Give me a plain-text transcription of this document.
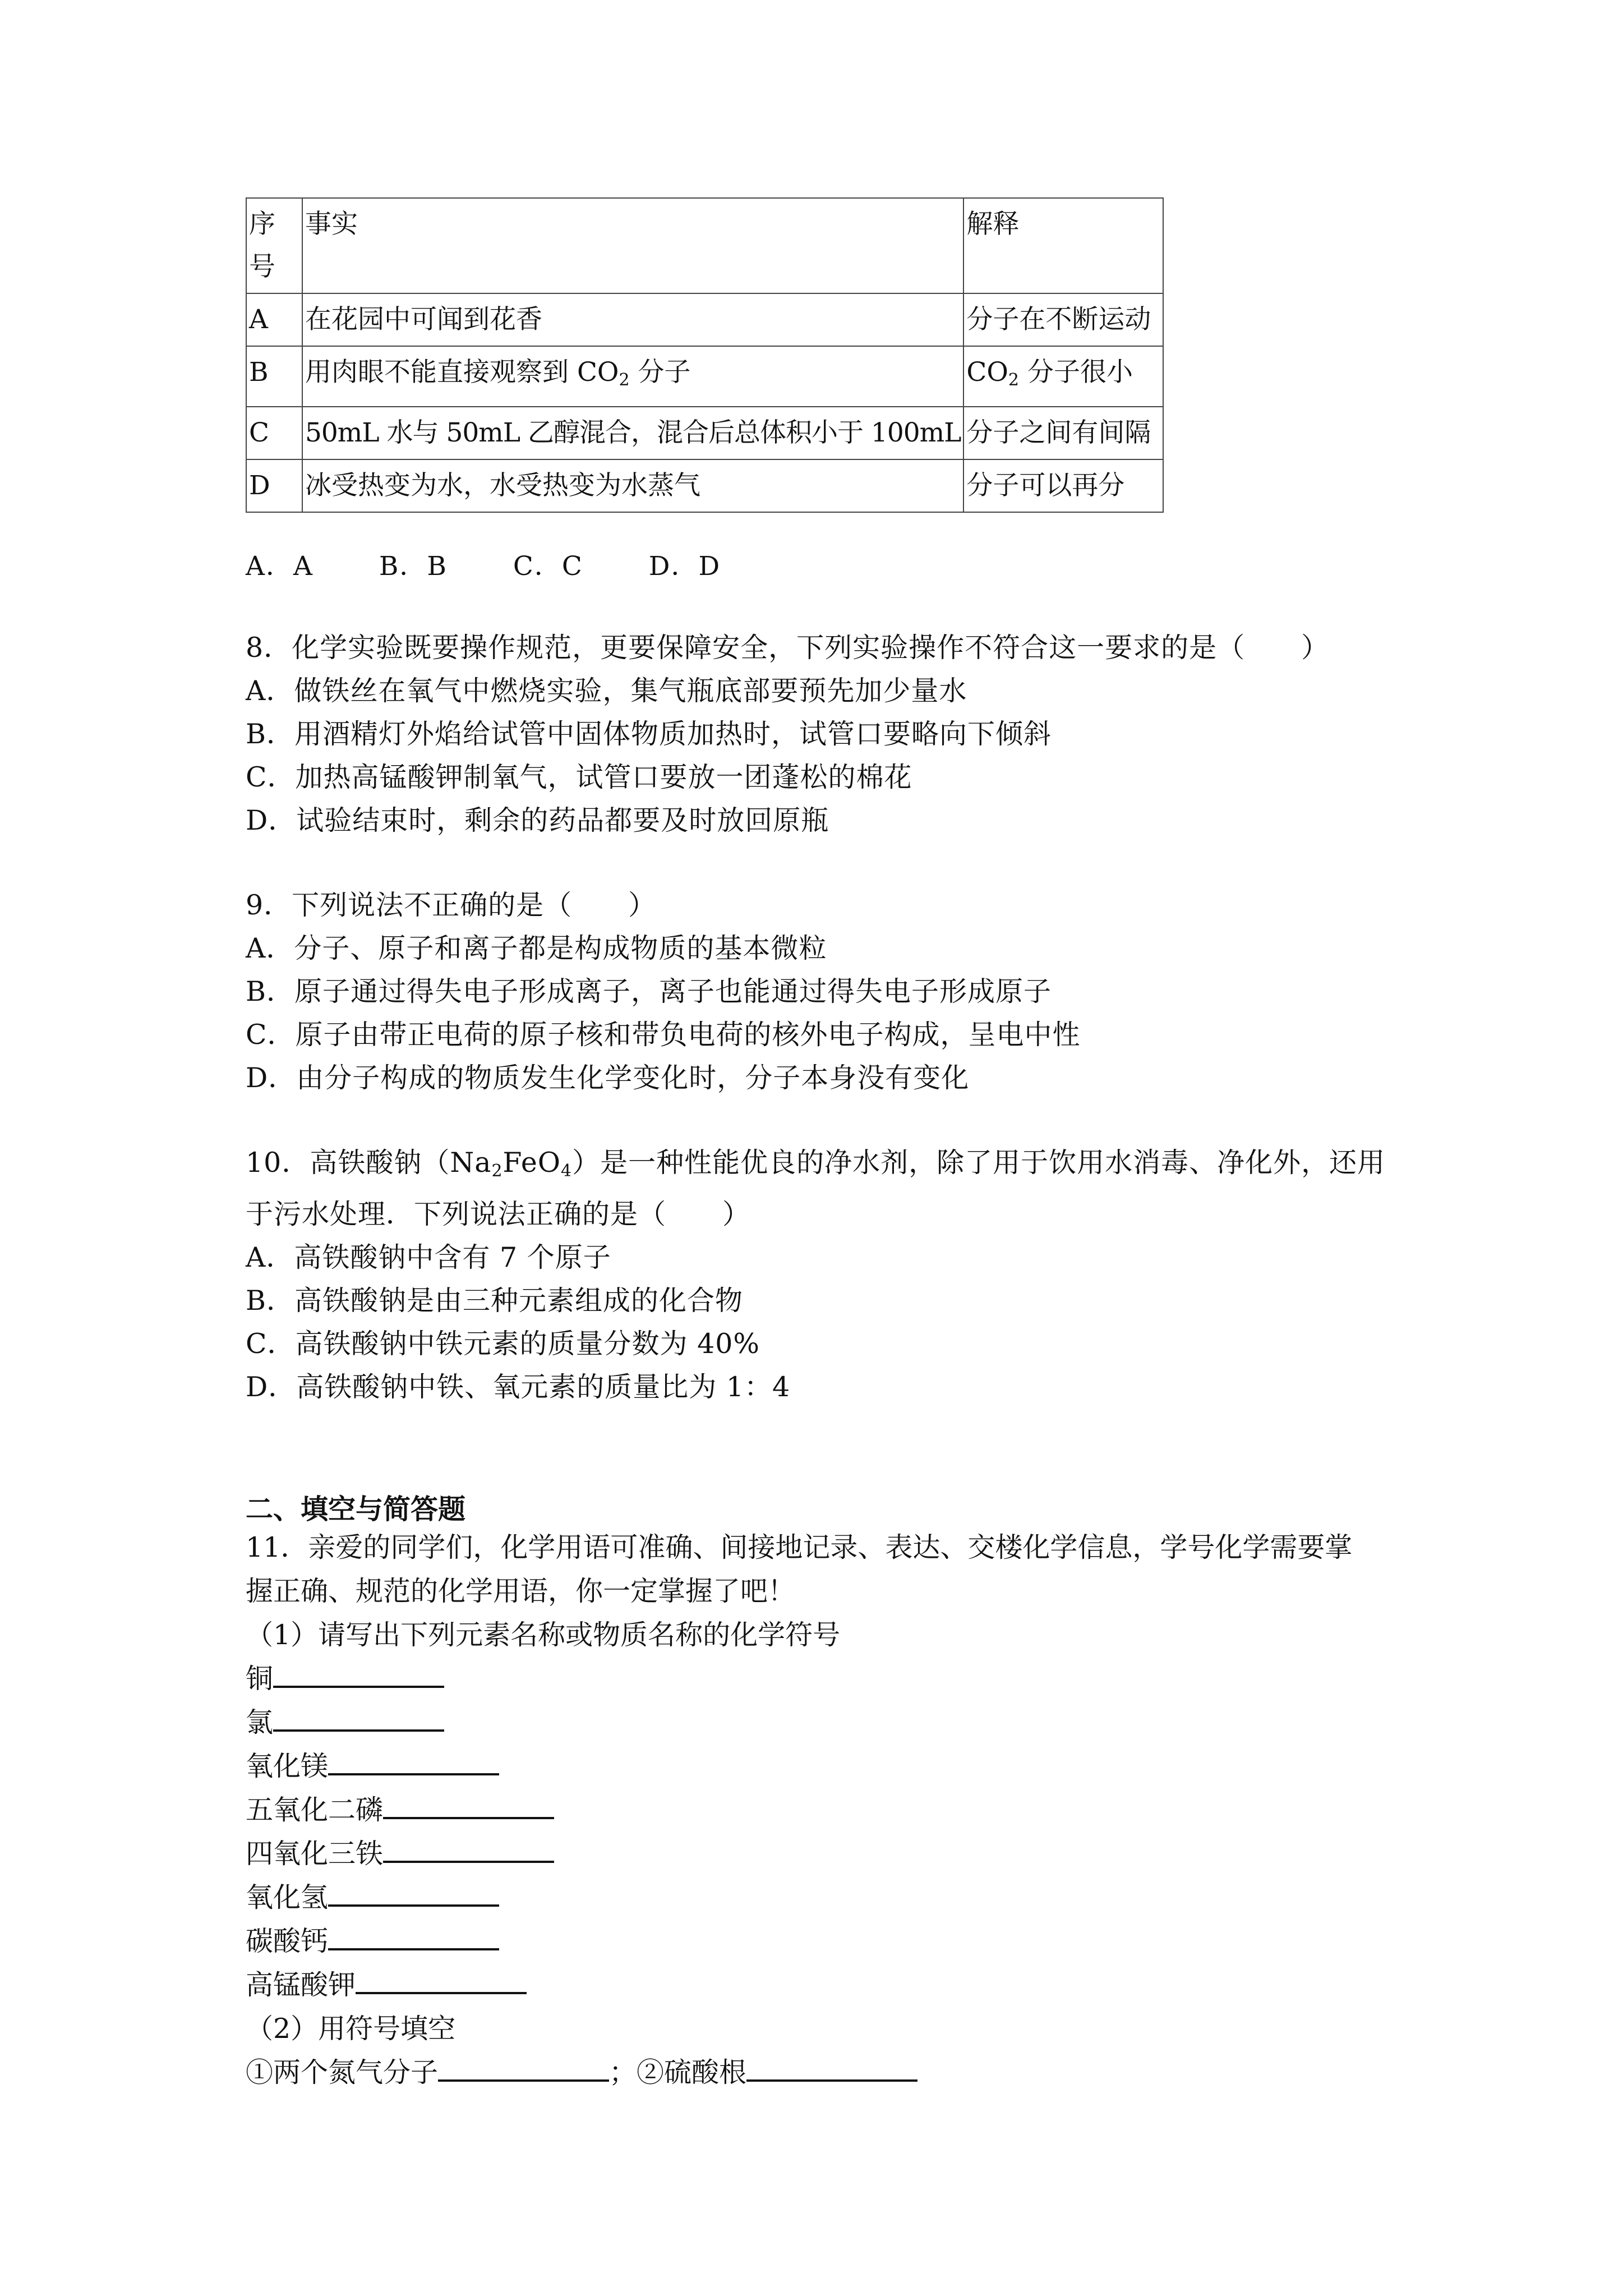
序号	事实	解释
A	在花园中可闻到花香	分子在不断运动
B	用肉眼不能直接观察到 $CO_2$ 分子	$CO_2$ 分子很小
C	50mL 水与 50mL 乙醇混合，混合后总体积小于 100mL	分子之间有间隔
D	冰受热变为水，水受热变为水蒸气	分子可以再分
A．A B．B C．C D．D

8．化学实验既要操作规范，更要保障安全，下列实验操作不符合这一要求的是（　　）

A．做铁丝在氧气中燃烧实验，集气瓶底部要预先加少量水

B．用酒精灯外焰给试管中固体物质加热时，试管口要略向下倾斜

C．加热高锰酸钾制氧气，试管口要放一团蓬松的棉花

D．试验结束时，剩余的药品都要及时放回原瓶

9．下列说法不正确的是（　　）

A．分子、原子和离子都是构成物质的基本微粒

B．原子通过得失电子形成离子，离子也能通过得失电子形成原子

C．原子由带正电荷的原子核和带负电荷的核外电子构成，呈电中性

D．由分子构成的物质发生化学变化时，分子本身没有变化

10．高铁酸钠$(Na_2FeO_4)$是一种性能优良的净水剂，除了用于饮用水消毒、净化外，还用

于污水处理．下列说法正确的是（　　）

A．高铁酸钠中含有 7 个原子

B．高铁酸钠是由三种元素组成的化合物

C．高铁酸钠中铁元素的质量分数为 40%

D．高铁酸钠中铁、氧元素的质量比为 1：4

二、填空与简答题

11．亲爱的同学们，化学用语可准确、间接地记录、表达、交楼化学信息，学号化学需要掌

握正确、规范的化学用语，你一定掌握了吧！

（1）请写出下列元素名称或物质名称的化学符号

铜

氯

氧化镁

五氧化二磷

四氧化三铁

氧化氢

碳酸钙

高锰酸钾

（2）用符号填空

①两个氮气分子	；②硫酸根
